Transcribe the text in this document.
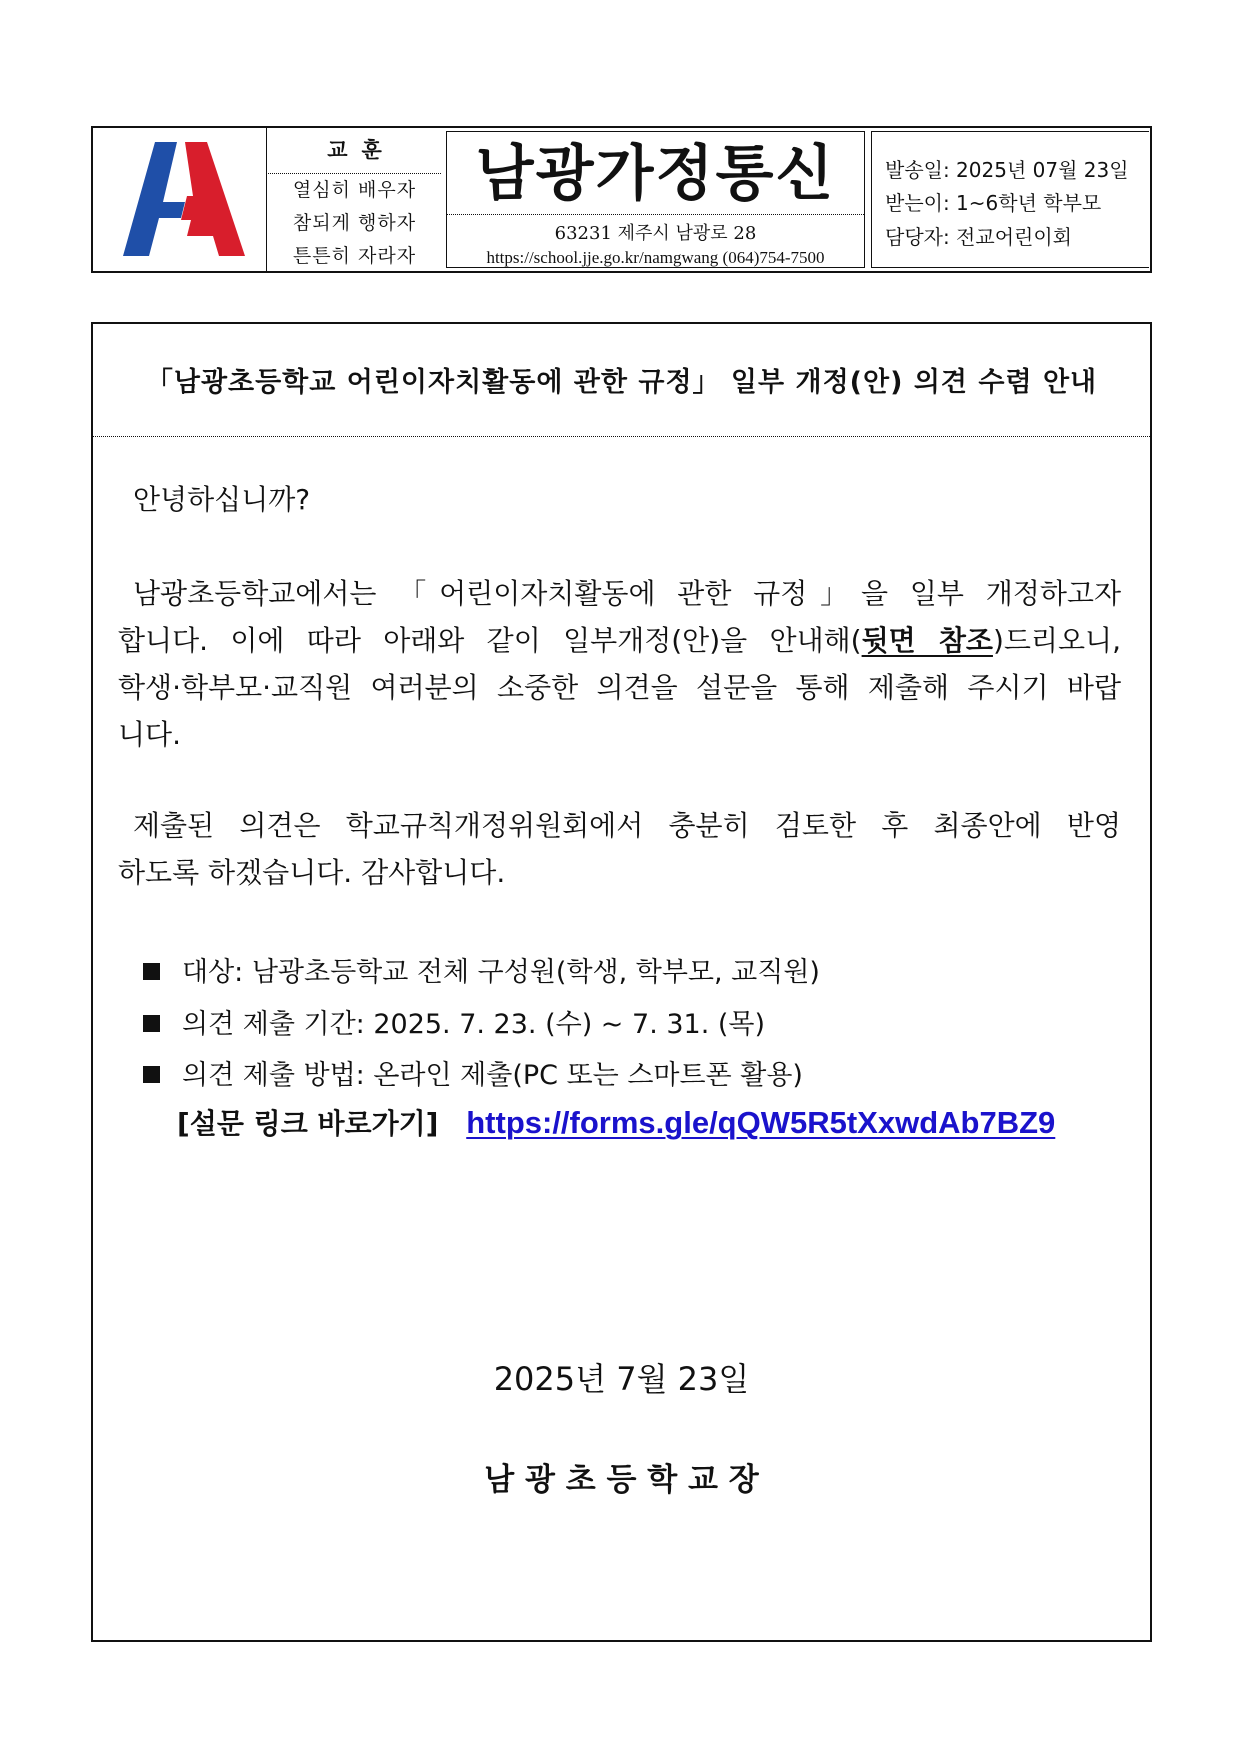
교훈
열심히 배우자
참되게 행하자
튼튼히 자라자
남광가정통신
63231 제주시 남광로 28
https://school.jje.go.kr/namgwang (064)754-7500
발송일: 2025년 07월 23일
받는이: 1~6학년 학부모
담당자: 전교어린이회
「남광초등학교 어린이자치활동에 관한 규정」 일부 개정(안) 의견 수렴 안내
안녕하십니까?
남광초등학교에서는 「어린이자치활동에 관한 규정」을 일부 개정하고자
합니다. 이에 따라 아래와 같이 일부개정(안)을 안내해(뒷면 참조)드리오니,
학생·학부모·교직원 여러분의 소중한 의견을 설문을 통해 제출해 주시기 바랍
니다.
제출된 의견은 학교규칙개정위원회에서 충분히 검토한 후 최종안에 반영
하도록 하겠습니다. 감사합니다.
대상: 남광초등학교 전체 구성원(학생, 학부모, 교직원)
의견 제출 기간: 2025. 7. 23. (수) ~ 7. 31. (목)
의견 제출 방법: 온라인 제출(PC 또는 스마트폰 활용)
[설문 링크 바로가기] https://forms.gle/qQW5R5tXxwdAb7BZ9
2025년 7월 23일
남 광 초 등 학 교 장
